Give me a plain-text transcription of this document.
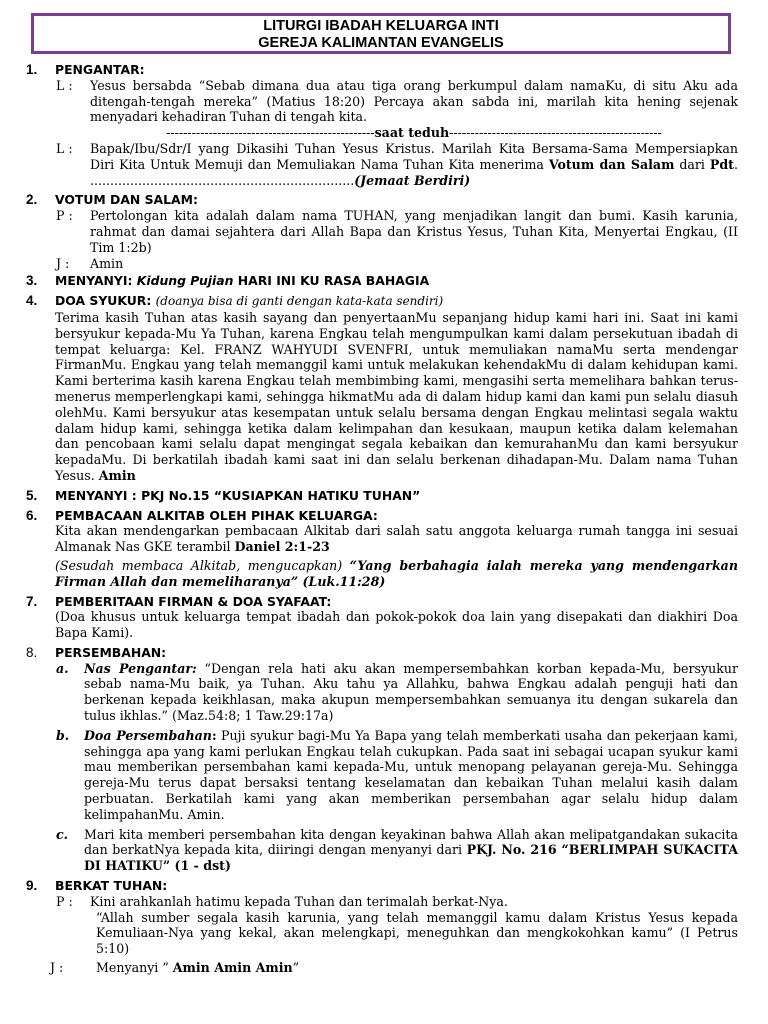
LITURGI IBADAH KELUARGA INTI
GEREJA KALIMANTAN EVANGELIS
1.	PENGANTAR:
L :	Yesus bersabda “Sebab dimana dua atau tiga orang berkumpul dalam namaKu, di situ Aku ada ditengah-tengah mereka” (Matius 18:20) Percaya akan sabda ini, marilah kita hening sejenak menyadari kehadiran Tuhan di tengah kita.
-------------------------------------------------saat teduh--------------------------------------------------
L :	Bapak/Ibu/Sdr/I yang Dikasihi Tuhan Yesus Kristus. Marilah Kita Bersama-Sama Mempersiapkan Diri Kita Untuk Memuji dan Memuliakan Nama Tuhan Kita menerima Votum dan Salam dari Pdt. ..................................................................(Jemaat Berdiri)
2.	VOTUM DAN SALAM:
P :	Pertolongan kita adalah dalam nama TUHAN, yang menjadikan langit dan bumi. Kasih karunia, rahmat dan damai sejahtera dari Allah Bapa dan Kristus Yesus, Tuhan Kita, Menyertai Engkau, (II Tim 1:2b)
J :	Amin
3.	MENYANYI: Kidung Pujian HARI INI KU RASA BAHAGIA
4.	DOA SYUKUR: (doanya bisa di ganti dengan kata-kata sendiri)
Terima kasih Tuhan atas kasih sayang dan penyertaanMu sepanjang hidup kami hari ini. Saat ini kami bersyukur kepada-Mu Ya Tuhan, karena Engkau telah mengumpulkan kami dalam persekutuan ibadah di tempat keluarga: Kel. FRANZ WAHYUDI SVENFRI, untuk memuliakan namaMu serta mendengar FirmanMu. Engkau yang telah memanggil kami untuk melakukan kehendakMu di dalam kehidupan kami. Kami berterima kasih karena Engkau telah membimbing kami, mengasihi serta memelihara bahkan terus-menerus memperlengkapi kami, sehingga hikmatMu ada di dalam hidup kami dan kami pun selalu diasuh olehMu. Kami bersyukur atas kesempatan untuk selalu bersama dengan Engkau melintasi segala waktu dalam hidup kami, sehingga ketika dalam kelimpahan dan kesukaan, maupun ketika dalam kelemahan dan pencobaan kami selalu dapat mengingat segala kebaikan dan kemurahanMu dan kami bersyukur kepadaMu. Di berkatilah ibadah kami saat ini dan selalu berkenan dihadapan-Mu. Dalam nama Tuhan Yesus. Amin
5.	MENYANYI : PKJ No.15 “KUSIAPKAN HATIKU TUHAN”
6.	PEMBACAAN ALKITAB OLEH PIHAK KELUARGA:
Kita akan mendengarkan pembacaan Alkitab dari salah satu anggota keluarga rumah tangga ini sesuai Almanak Nas GKE terambil Daniel 2:1-23
(Sesudah membaca Alkitab, mengucapkan) “Yang berbahagia ialah mereka yang mendengarkan Firman Allah dan memeliharanya” (Luk.11:28)
7.	PEMBERITAAN FIRMAN & DOA SYAFAAT:
(Doa khusus untuk keluarga tempat ibadah dan pokok-pokok doa lain yang disepakati dan diakhiri Doa Bapa Kami).
8.	PERSEMBAHAN:
a. Nas Pengantar: “Dengan rela hati aku akan mempersembahkan korban kepada-Mu, bersyukur sebab nama-Mu baik, ya Tuhan. Aku tahu ya Allahku, bahwa Engkau adalah penguji hati dan berkenan kepada keikhlasan, maka akupun mempersembahkan semuanya itu dengan sukarela dan tulus ikhlas.” (Maz.54:8; 1 Taw.29:17a)
b. Doa Persembahan: Puji syukur bagi-Mu Ya Bapa yang telah memberkati usaha dan pekerjaan kami, sehingga apa yang kami perlukan Engkau telah cukupkan. Pada saat ini sebagai ucapan syukur kami mau memberikan persembahan kami kepada-Mu, untuk menopang pelayanan gereja-Mu. Sehingga gereja-Mu terus dapat bersaksi tentang keselamatan dan kebaikan Tuhan melalui kasih dalam perbuatan. Berkatilah kami yang akan memberikan persembahan agar selalu hidup dalam kelimpahanMu. Amin.
c. Mari kita memberi persembahan kita dengan keyakinan bahwa Allah akan melipatgandakan sukacita dan berkatNya kepada kita, diiringi dengan menyanyi dari PKJ. No. 216 “BERLIMPAH SUKACITA DI HATIKU” (1 - dst)
9.	BERKAT TUHAN:
P :	Kini arahkanlah hatimu kepada Tuhan dan terimalah berkat-Nya.
“Allah sumber segala kasih karunia, yang telah memanggil kamu dalam Kristus Yesus kepada Kemuliaan-Nya yang kekal, akan melengkapi, meneguhkan dan mengkokohkan kamu” (I Petrus 5:10)
J :	Menyanyi ” Amin Amin Amin”
